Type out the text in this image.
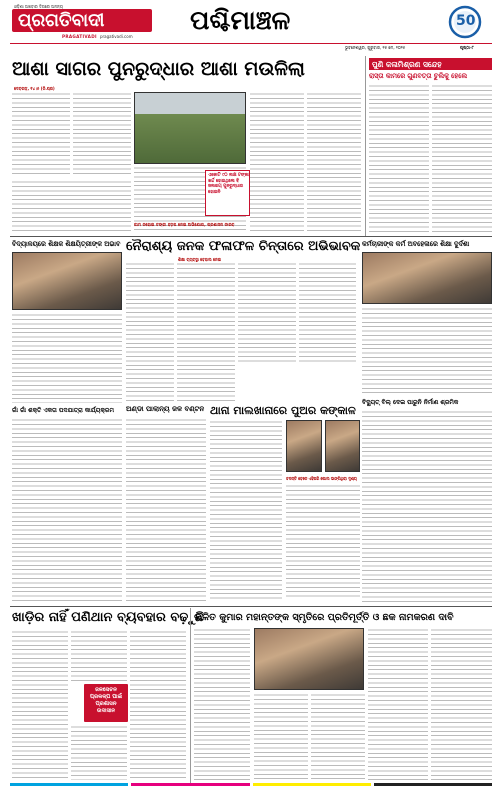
ଓଡ଼ିଶା ଅଖବାର ଦିଗରେ ଅନନ୍ୟ
ପ୍ରଗତିବାଦୀ
PRAGATIVADI pragativadi.com
ପଶ୍ଚିମାଞ୍ଚଳ	50
ଭୁବନେଶ୍ୱର, ଗୁରୁବାର, ୧୫ ମେ, ୨୦୨୫	ପୃଷ୍ଠା-୮
ଆଶା ସାଗର ପୁନରୁଦ୍ଧାର ଆଶା ମଉଳିଲା
ଦେବଗଡ଼, ୧୪।୫ (ନି.ପ୍ର)
ଏକୋଟି ୯୦ ଲକ୍ଷ ଟଙ୍କା ଖର୍ଚ୍ଚ ହୋଇଥିଲେ ବି ଜଳାଶୟ ପୁନରୁଦ୍ଧାର ହୋଇନି
କାମ ନହୋଇ ଟଙ୍କା ହଡ଼ପ ନେଇ ଅଭିଯୋଗ, ପ୍ରଶାସନ ନୀରବ
ପୁଣି କଳାମିଶ୍ରଣ ସନ୍ଦେହ
ରାସ୍ତା କାମରେ ଗୁଣବତ୍ତା ଚୁଲିକୁ ହେଲେ
ବିଦ୍ୟାଳୟରେ ଶିକ୍ଷକ ଶିକ୍ଷୟିତ୍ରୀଙ୍କ ଅଭାବ ନୈରାଶ୍ୟ ଜନକ ଫଳାଫଳ ଚିନ୍ତାରେ ଅଭିଭାବକ
ଶିକ୍ଷା ବ୍ୟବସ୍ଥା ବେହାଲ ନେଇ
କର୍ମଚାରୀଙ୍କ କର୍ମ ଅବହେଳାରେ ଶିକ୍ଷା ଦୁର୍ଦଶା
ଅଣ୍ଡା ପାଲାନ୍ୟ ଜଳ ବଣ୍ଟନ ଥାନା ମାଲଖାନାରେ ପୁଅର କଙ୍କାଳ
ଚଳନ୍ତି ବେଳେ ଏହିପରି ପୋଲ ଭାଙ୍ଗିଥିବା ଦୃଶ୍ୟ
ଗାଁ ଗାଁ ଶକ୍ତି ଏକତା ପଦଯାତ୍ରା କାର୍ଯ୍ୟକ୍ରମ
ବିଦ୍ୟୁତ୍ ବିଲ୍ ଦେଇ ପାରୁନି ନିର୍ମାଣ ଶ୍ରମିକ
ଖାଡ଼ିର ନାହିଁ ପଣିଥାନ ବ୍ୟବହାର ବଢ଼ୁଛି
ଜଳସେଚନ ପ୍ରକଳ୍ପ ପାଇଁ ପ୍ରଶାସନ ଉଦାସୀନ
ଲଳିତ କୁମାର ମହାନ୍ତଙ୍କ ସ୍ମୃତିରେ ପ୍ରତିମୂର୍ତ୍ତି ଓ ଛକ ନାମକରଣ ଦାବି
